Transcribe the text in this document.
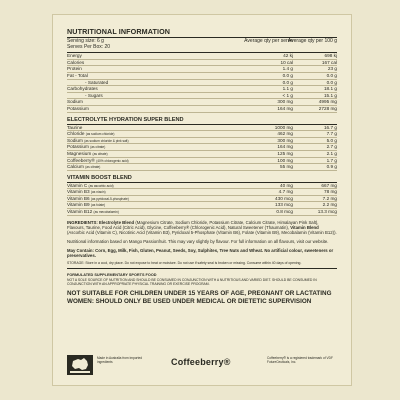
NUTRITIONAL INFORMATION
Serving size: 6 g
Serves Per Box: 20
Average qty per serve
Average qty per 100 g
Energy	42 kj	698 kj
Calories	10 cal	167 cal
Protein	1.4 g	23 g
Fat - Total	0.0 g	0.0 g
- Saturated	0.0 g	0.0 g
Carbohydrates	1.1 g	18.1 g
- Sugars	< 1 g	15.1 g
Sodium	300 mg	4995 mg
Potassium	164 mg	2728 mg
ELECTROLYTE HYDRATION SUPER BLEND
Taurine	1000 mg	16.7 g
Chloride (as sodium chloride)	462 mg	7.7 g
Sodium (as sodium chloride & pink salt)	300 mg	5.0 g
Potassium (as citrate)	164 mg	2.7 g
Magnesium (as citrate)	125 mg	2.1 g
Coffeeberry® (40% chlorogenic acid)	100 mg	1.7 g
Calcium (as citrate)	55 mg	0.9 g
VITAMIN BOOST BLEND
Vitamin C (as ascorbic acid)	40 mg	667 mg
Vitamin B3 (as niacin)	4.7 mg	78 mg
Vitamin B6 (as pyridoxal-5-phosphate)	430 mcg	7.2 mg
Vitamin B9 (as folate)	133 mcg	2.2 mg
Vitamin B12 (as mecobalamin)	0.8 mcg	13.3 mcg
INGREDIENTS: Electrolyte Blend (Magnesium Citrate, Sodium Chloride, Potassium Citrate, Calcium Citrate, Himalayan Pink Salt), Flavours, Taurine, Food Acid (Citric Acid), Glycine, Coffeeberry® (Chlorogenic Acid), Natural Sweetener (Thaumatin), Vitamin Blend (Ascorbic Acid (Vitamin C), Nicotinic Acid (Vitamin B3), Pyridoxal 5-Phosphate (Vitamin B6), Folate (Vitamin B9), Mecobalamin (Vitamin B12)).
Nutritional information based on Mango Passionfruit. This may vary slightly by flavour. For full information on all flavours, visit our website.
May Contain: Corn, Egg, Milk, Fish, Gluten, Peanut, Seeds, Soy, Sulphites, Tree Nuts and Wheat. No artificial colour, sweeteners or preservatives.
STORAGE: Store in a cool, dry place. Do not expose to heat or moisture. Do not use if safety seal is broken or missing. Consume within 40 days of opening.
FORMULATED SUPPLEMENTARY SPORTS FOOD
NOT A SOLE SOURCE OF NUTRITION AND SHOULD BE CONSUMED IN CONJUNCTION WITH A NUTRITIOUS AND VARIED DIET. SHOULD BE CONSUMED IN CONJUNCTION WITH AN APPROPRIATE PHYSICAL TRAINING OR EXERCISE PROGRAM.
NOT SUITABLE FOR CHILDREN UNDER 15 YEARS OF AGE, PREGNANT OR LACTATING WOMEN: SHOULD ONLY BE USED UNDER MEDICAL OR DIETETIC SUPERVISION
Made in Australia from imported ingredients	Coffeeberry®	Coffeeberry® is a registered trademark of VDF FutureCeuticals, Inc.
